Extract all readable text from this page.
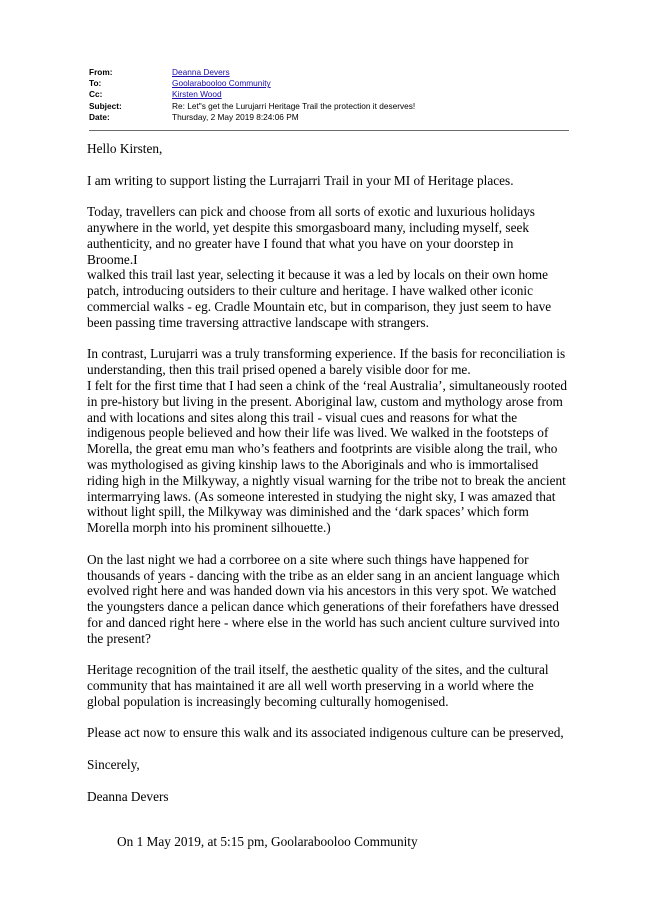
From:	Deanna Devers
To:	Goolarabooloo Community
Cc:	Kirsten Wood
Subject:	Re: Let"s get the Lurujarri Heritage Trail the protection it deserves!
Date:	Thursday, 2 May 2019 8:24:06 PM

Hello Kirsten,

I am writing to support listing the Lurrajarri Trail in your MI of Heritage places.

Today, travellers can pick and choose from all sorts of exotic and luxurious holidays
anywhere in the world, yet despite this smorgasboard many, including myself, seek
authenticity, and no greater have I found that what you have on your doorstep in Broome.I
walked this trail last year, selecting it because it was a led by locals on their own home
patch, introducing outsiders to their culture and heritage. I have walked other iconic
commercial walks - eg. Cradle Mountain etc, but in comparison, they just seem to have
been passing time traversing attractive landscape with strangers.

In contrast, Lurujarri was a truly transforming experience. If the basis for reconciliation is
understanding, then this trail prised opened a barely visible door for me.
I felt for the first time that I had seen a chink of the ‘real Australia’, simultaneously rooted
in pre-history but living in the present. Aboriginal law, custom and mythology arose from
and with locations and sites along this trail - visual cues and reasons for what the
indigenous people believed and how their life was lived. We walked in the footsteps of
Morella, the great emu man who’s feathers and footprints are visible along the trail, who
was mythologised as giving kinship laws to the Aboriginals and who is immortalised
riding high in the Milkyway, a nightly visual warning for the tribe not to break the ancient
intermarrying laws. (As someone interested in studying the night sky, I was amazed that
without light spill, the Milkyway was diminished and the ‘dark spaces’ which form
Morella morph into his prominent silhouette.)

On the last night we had a corrboree on a site where such things have happened for
thousands of years - dancing with the tribe as an elder sang in an ancient language which
evolved right here and was handed down via his ancestors in this very spot. We watched
the youngsters dance a pelican dance which generations of their forefathers have dressed
for and danced right here - where else in the world has such ancient culture survived into
the present?

Heritage recognition of the trail itself, the aesthetic quality of the sites, and the cultural
community that has maintained it are all well worth preserving in a world where the
global population is increasingly becoming culturally homogenised.

Please act now to ensure this walk and its associated indigenous culture can be preserved,

Sincerely,

Deanna Devers

On 1 May 2019, at 5:15 pm, Goolarabooloo Community
